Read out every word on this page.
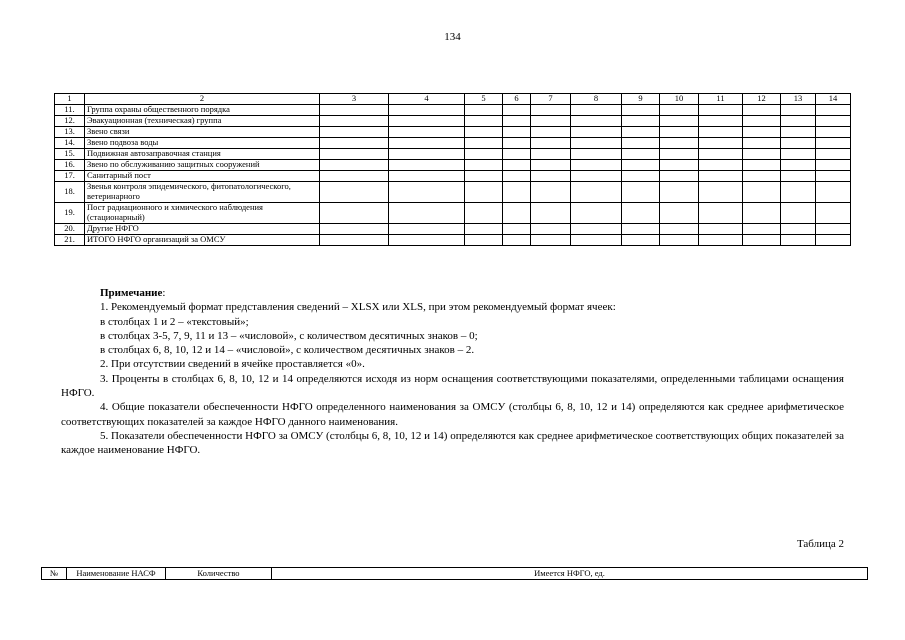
134
1	2	3	4	5	6	7	8	9	10	11	12	13	14
11.	Группа охраны общественного порядка												
12.	Эвакуационная (техническая) группа												
13.	Звено связи												
14.	Звено подвоза воды												
15.	Подвижная автозаправочная станция												
16.	Звено по обслуживанию защитных сооружений												
17.	Санитарный пост												
18.	Звенья контроля эпидемического, фитопатологического, ветеринарного												
19.	Пост радиационного и химического наблюдения (стационарный)												
20.	Другие НФГО												
21.	ИТОГО НФГО организаций за ОМСУ												

Примечание:

1. Рекомендуемый формат представления сведений – XLSX или XLS, при этом рекомендуемый формат ячеек:

в столбцах 1 и 2 – «текстовый»;

в столбцах 3-5, 7, 9, 11 и 13 – «числовой», с количеством десятичных знаков – 0;

в столбцах 6, 8, 10, 12 и 14 – «числовой», с количеством десятичных знаков – 2.

2. При отсутствии сведений в ячейке проставляется «0».

3. Проценты в столбцах 6, 8, 10, 12 и 14 определяются исходя из норм оснащения соответствующими показателями, определенными таблицами оснащения НФГО.

4. Общие показатели обеспеченности НФГО определенного наименования за ОМСУ (столбцы 6, 8, 10, 12 и 14) определяются как среднее арифметическое соответствующих показателей за каждое НФГО данного наименования.

5. Показатели обеспеченности НФГО за ОМСУ (столбцы 6, 8, 10, 12 и 14) определяются как среднее арифметическое соответствующих общих показателей за каждое наименование НФГО.

Таблица 2
№	Наименование НАСФ	Количество	Имеется НФГО, ед.
